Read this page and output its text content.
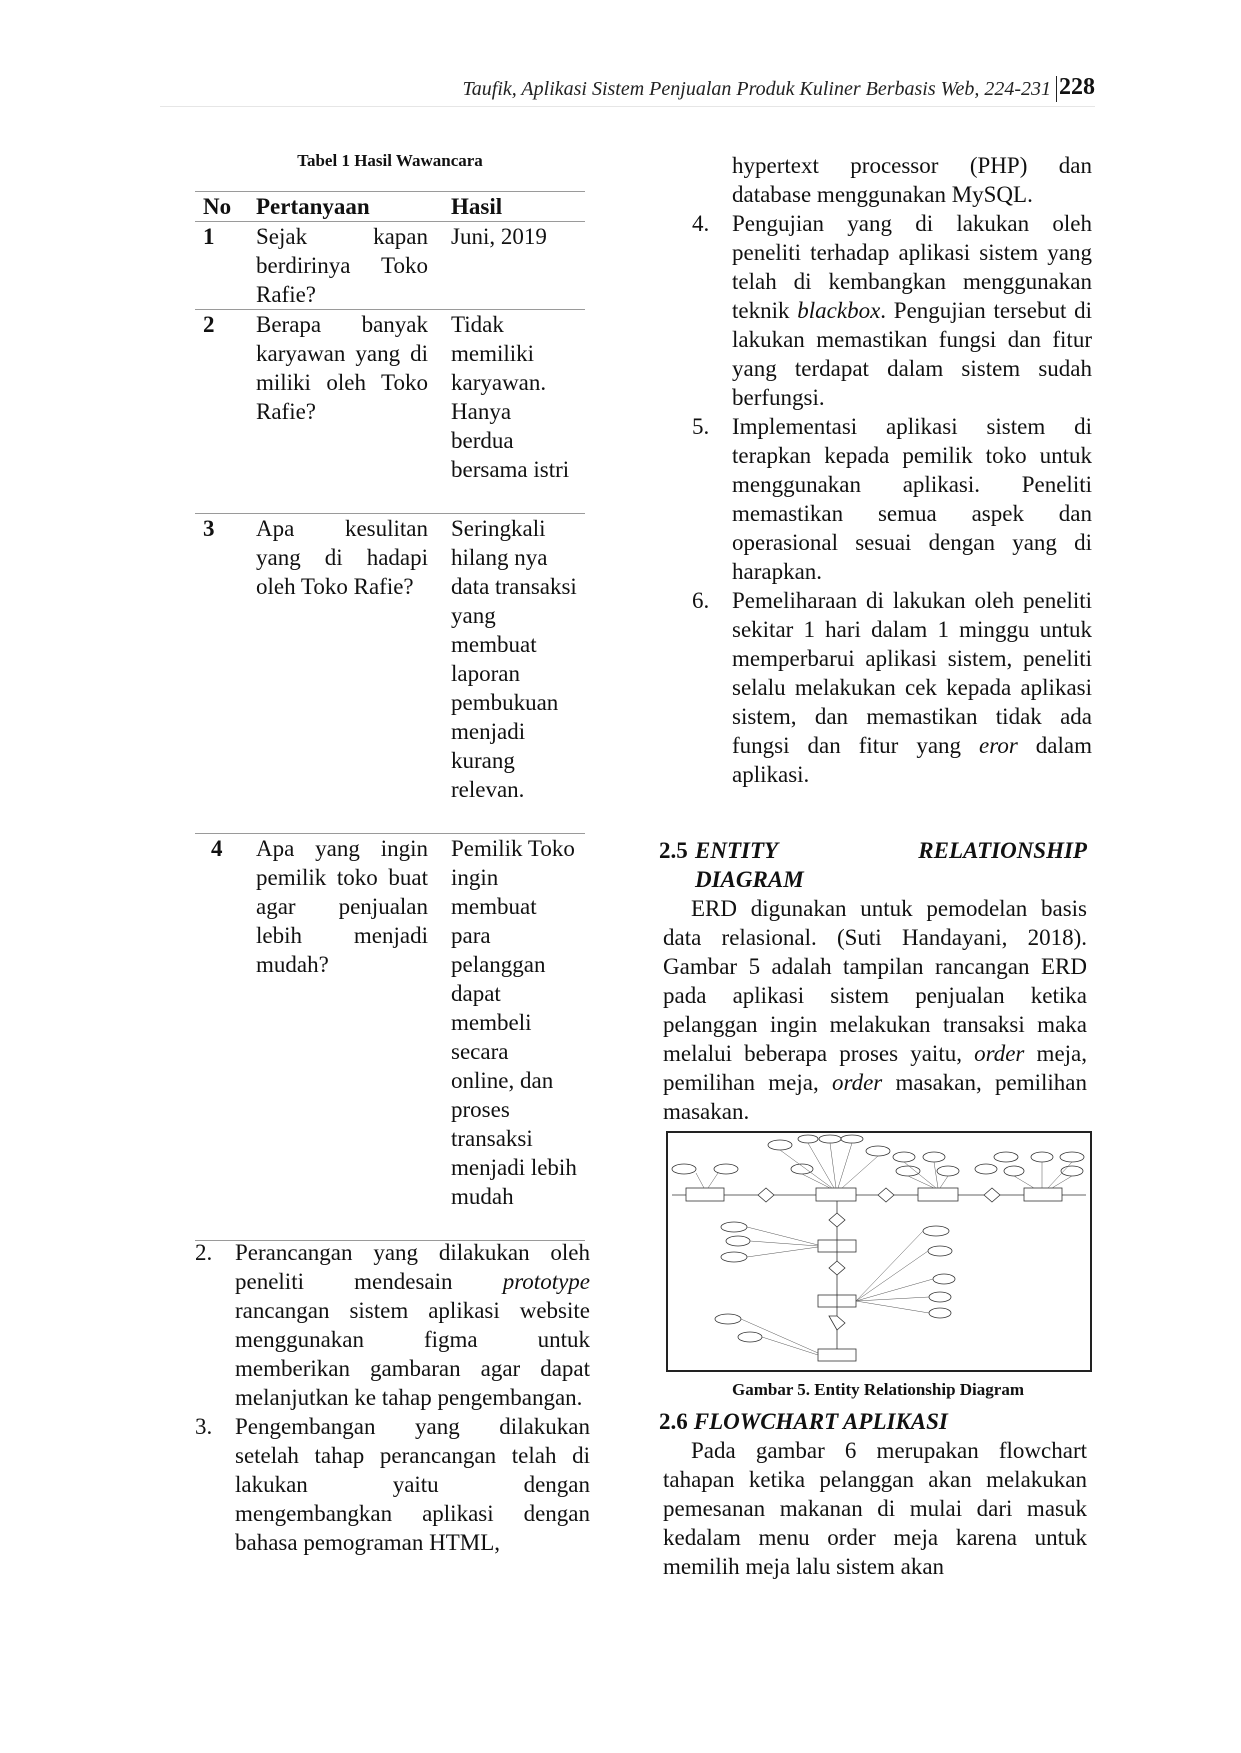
Taufik, Aplikasi Sistem Penjualan Produk Kuliner Berbasis Web, 224-231 228
Tabel 1 Hasil Wawancara
No Pertanyaan	Hasil
1 Sejak kapan berdirinya Toko Rafie?
Juni, 2019
2 Berapa banyak karyawan yang di miliki oleh Toko Rafie?
Tidak memiliki karyawan. Hanya berdua bersama istri
3 Apa kesulitan yang di hadapi oleh Toko Rafie?
Seringkali hilang nya data transaksi yang membuat laporan pembukuan menjadi kurang relevan.
4 Apa yang ingin pemilik toko buat agar penjualan lebih menjadi mudah?
Pemilik Toko ingin membuat para pelanggan dapat membeli secara online, dan proses transaksi menjadi lebih mudah
2. Perancangan yang dilakukan oleh peneliti mendesain prototype rancangan sistem aplikasi website menggunakan figma untuk memberikan gambaran agar dapat melanjutkan ke tahap pengembangan.
3. Pengembangan yang dilakukan setelah tahap perancangan telah di lakukan yaitu dengan mengembangkan aplikasi dengan bahasa pemograman HTML,
hypertext processor (PHP) dan database menggunakan MySQL.
4. Pengujian yang di lakukan oleh peneliti terhadap aplikasi sistem yang telah di kembangkan menggunakan teknik blackbox. Pengujian tersebut di lakukan memastikan fungsi dan fitur yang terdapat dalam sistem sudah berfungsi.
5. Implementasi aplikasi sistem di terapkan kepada pemilik toko untuk menggunakan aplikasi. Peneliti memastikan semua aspek dan operasional sesuai dengan yang di harapkan.
6. Pemeliharaan di lakukan oleh peneliti sekitar 1 hari dalam 1 minggu untuk memperbarui aplikasi sistem, peneliti selalu melakukan cek kepada aplikasi sistem, dan memastikan tidak ada fungsi dan fitur yang eror dalam aplikasi.
2.5 ENTITY	RELATIONSHIP
DIAGRAM
ERD digunakan untuk pemodelan basis data relasional. (Suti Handayani, 2018). Gambar 5 adalah tampilan rancangan ERD pada aplikasi sistem penjualan ketika pelanggan ingin melakukan transaksi maka melalui beberapa proses yaitu, order meja, pemilihan meja, order masakan, pemilihan masakan.
Gambar 5. Entity Relationship Diagram
2.6 FLOWCHART APLIKASI
Pada gambar 6 merupakan flowchart tahapan ketika pelanggan akan melakukan pemesanan makanan di mulai dari masuk kedalam menu order meja karena untuk memilih meja lalu sistem akan
